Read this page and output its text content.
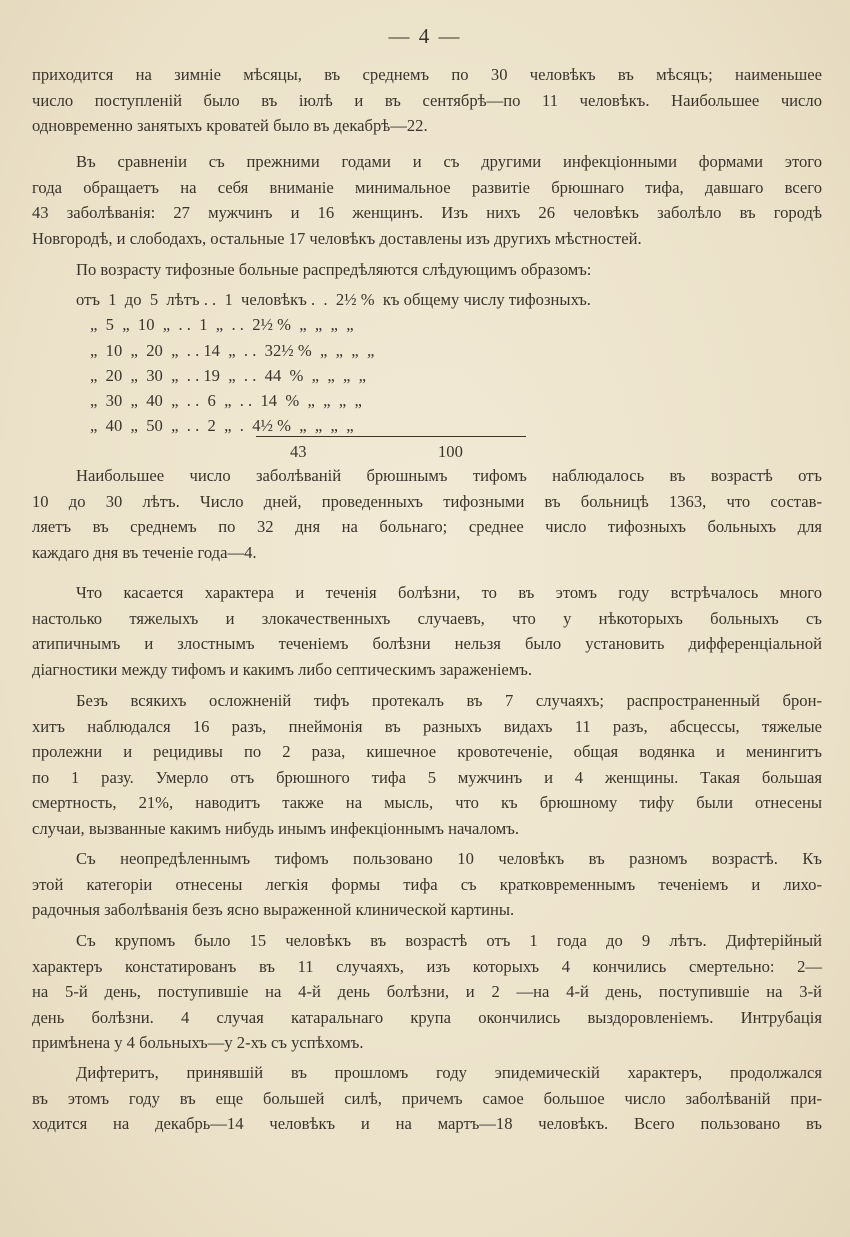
— 4 —
приходится на зимніе мѣсяцы, въ среднемъ по 30 человѣкъ въ мѣсяцъ; наименьшее
число поступленій было въ іюлѣ и въ сентябрѣ—по 11 человѣкъ. Наибольшее число
одновременно занятыхъ кроватей было въ декабрѣ—22.
Въ сравненіи съ прежними годами и съ другими инфекціонными формами этого
года обращаетъ на себя вниманіе минимальное развитіе брюшнаго тифа, давшаго всего
43 заболѣванія: 27 мужчинъ и 16 женщинъ. Изъ нихъ 26 человѣкъ заболѣло въ городѣ
Новгородѣ, и слободахъ, остальные 17 человѣкъ доставлены изъ другихъ мѣстностей.
По возрасту тифозные больные распредѣляются слѣдующимъ образомъ:
отъ  1  до  5  лѣтъ . .  1  человѣкъ .  .  2½ %  къ общему числу тифозныхъ.
„  5  „  10  „  . .  1  „  . .  2½ %  „  „  „  „
„  10  „  20  „  . . 14  „  . .  32½ %  „  „  „  „
„  20  „  30  „  . . 19  „  . .  44  %  „  „  „  „
„  30  „  40  „  . .  6  „  . .  14  %  „  „  „  „
„  40  „  50  „  . .  2  „  .  4½ %  „  „  „  „
43	100
Наибольшее число заболѣваній брюшнымъ тифомъ наблюдалось въ возрастѣ отъ
10 до 30 лѣтъ. Число дней, проведенныхъ тифозными въ больницѣ 1363, что состав-
ляетъ въ среднемъ по 32 дня на больнаго; среднее число тифозныхъ больныхъ для
каждаго дня въ теченіе года—4.
Что касается характера и теченія болѣзни, то въ этомъ году встрѣчалось много
настолько тяжелыхъ и злокачественныхъ случаевъ, что у нѣкоторыхъ больныхъ съ
атипичнымъ и злостнымъ теченіемъ болѣзни нельзя было установить дифференціальной
діагностики между тифомъ и какимъ либо септическимъ зараженіемъ.
Безъ всякихъ осложненій тифъ протекалъ въ 7 случаяхъ; распространенный брон-
хитъ наблюдался 16 разъ, пнеймонія въ разныхъ видахъ 11 разъ, абсцессы, тяжелые
пролежни и рецидивы по 2 раза, кишечное кровотеченіе, общая водянка и менингитъ
по 1 разу. Умерло отъ брюшного тифа 5 мужчинъ и 4 женщины. Такая большая
смертность, 21%, наводитъ также на мысль, что къ брюшному тифу были отнесены
случаи, вызванные какимъ нибудь инымъ инфекціоннымъ началомъ.
Съ неопредѣленнымъ тифомъ пользовано 10 человѣкъ въ разномъ возрастѣ. Къ
этой категоріи отнесены легкія формы тифа съ кратковременнымъ теченіемъ и лихо-
радочныя заболѣванія безъ ясно выраженной клинической картины.
Съ крупомъ было 15 человѣкъ въ возрастѣ отъ 1 года до 9 лѣтъ. Дифтерійный
характеръ констатированъ въ 11 случаяхъ, изъ которыхъ 4 кончились смертельно: 2—
на 5-й день, поступившіе на 4-й день болѣзни, и 2 —на 4-й день, поступившіе на 3-й
день болѣзни. 4 случая катаральнаго крупа окончились выздоровленіемъ. Интрубація
примѣнена у 4 больныхъ—у 2-хъ съ успѣхомъ.
Дифтеритъ, принявшій въ прошломъ году эпидемическій характеръ, продолжался
въ этомъ году въ еще большей силѣ, причемъ самое большое число заболѣваній при-
ходится на декабрь—14 человѣкъ и на мартъ—18 человѣкъ. Всего пользовано въ
